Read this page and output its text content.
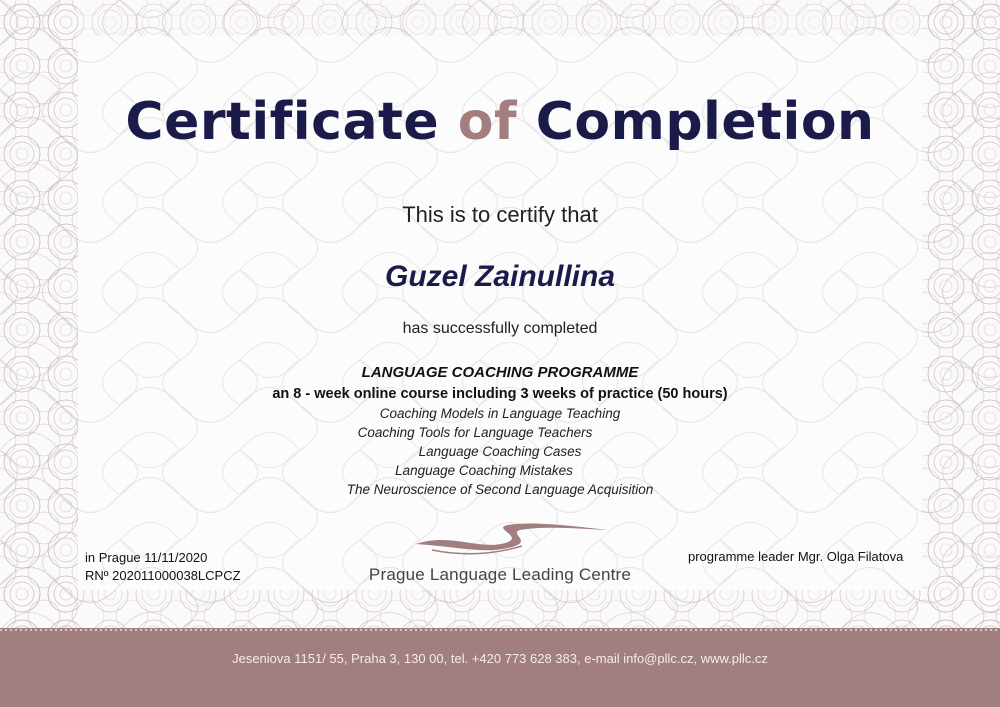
Certificate of Completion
This is to certify that
Guzel Zainullina
has successfully completed
LANGUAGE COACHING PROGRAMME
an 8 - week online course including 3 weeks of practice (50 hours)
Coaching Models in Language Teaching
Coaching Tools for Language Teachers
Language Coaching Cases
Language Coaching Mistakes
The Neuroscience of Second Language Acquisition
in Prague 11/11/2020
RNº 202011000038LCPCZ
programme leader Mgr. Olga Filatova
Prague Language Leading Centre
Jeseniova 1151/ 55, Praha 3, 130 00, tel. +420 773 628 383, e-mail info@pllc.cz, www.pllc.cz
